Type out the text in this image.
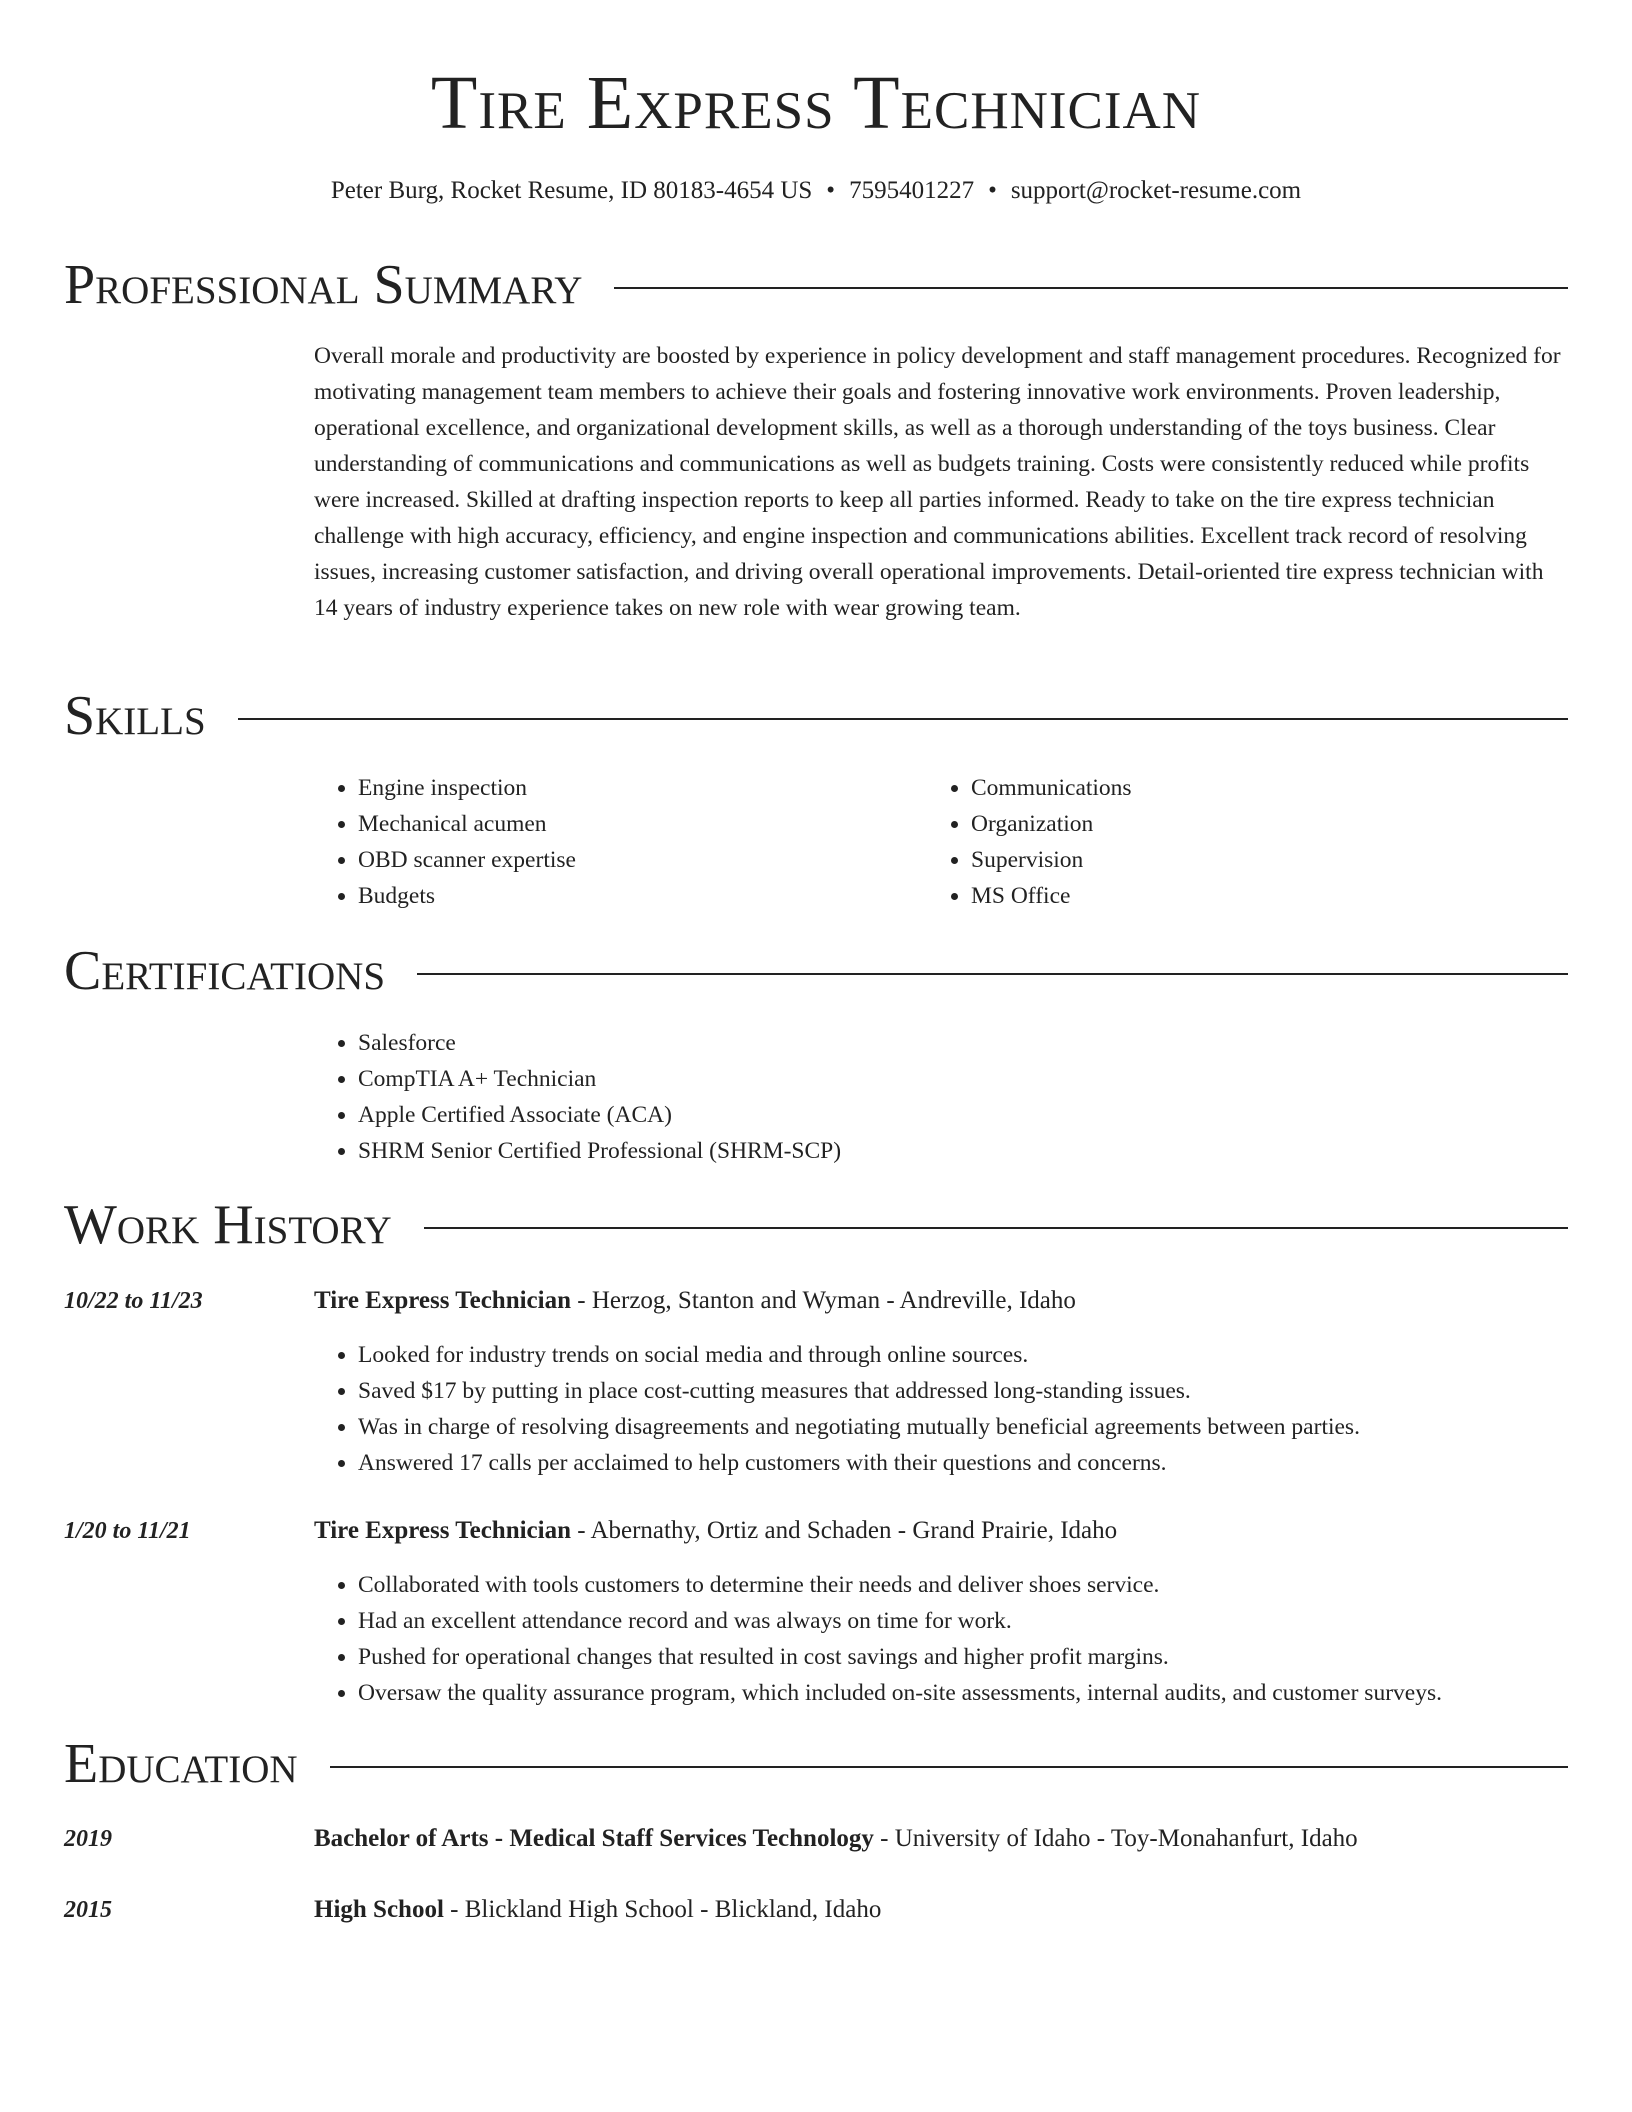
Tire Express Technician
Peter Burg, Rocket Resume, ID 80183-4654 US • 7595401227 • support@rocket-resume.com
Professional Summary

Overall morale and productivity are boosted by experience in policy development and staff management procedures. Recognized for motivating management team members to achieve their goals and fostering innovative work environments. Proven leadership, operational excellence, and organizational development skills, as well as a thorough understanding of the toys business. Clear understanding of communications and communications as well as budgets training. Costs were consistently reduced while profits were increased. Skilled at drafting inspection reports to keep all parties informed. Ready to take on the tire express technician challenge with high accuracy, efficiency, and engine inspection and communications abilities. Excellent track record of resolving issues, increasing customer satisfaction, and driving overall operational improvements. Detail-oriented tire express technician with 14 years of industry experience takes on new role with wear growing team.

Skills
• Engine inspection
• Mechanical acumen
• OBD scanner expertise
• Budgets
• Communications
• Organization
• Supervision
• MS Office
Certifications
• Salesforce
• CompTIA A+ Technician
• Apple Certified Associate (ACA)
• SHRM Senior Certified Professional (SHRM-SCP)
Work History
10/22 to 11/23	Tire Express Technician - Herzog, Stanton and Wyman - Andreville, Idaho
• Looked for industry trends on social media and through online sources.
• Saved $17 by putting in place cost-cutting measures that addressed long-standing issues.
• Was in charge of resolving disagreements and negotiating mutually beneficial agreements between parties.
• Answered 17 calls per acclaimed to help customers with their questions and concerns.
1/20 to 11/21	Tire Express Technician - Abernathy, Ortiz and Schaden - Grand Prairie, Idaho
• Collaborated with tools customers to determine their needs and deliver shoes service.
• Had an excellent attendance record and was always on time for work.
• Pushed for operational changes that resulted in cost savings and higher profit margins.
• Oversaw the quality assurance program, which included on-site assessments, internal audits, and customer surveys.
Education
2019	Bachelor of Arts - Medical Staff Services Technology - University of Idaho - Toy-Monahanfurt, Idaho
2015	High School - Blickland High School - Blickland, Idaho
